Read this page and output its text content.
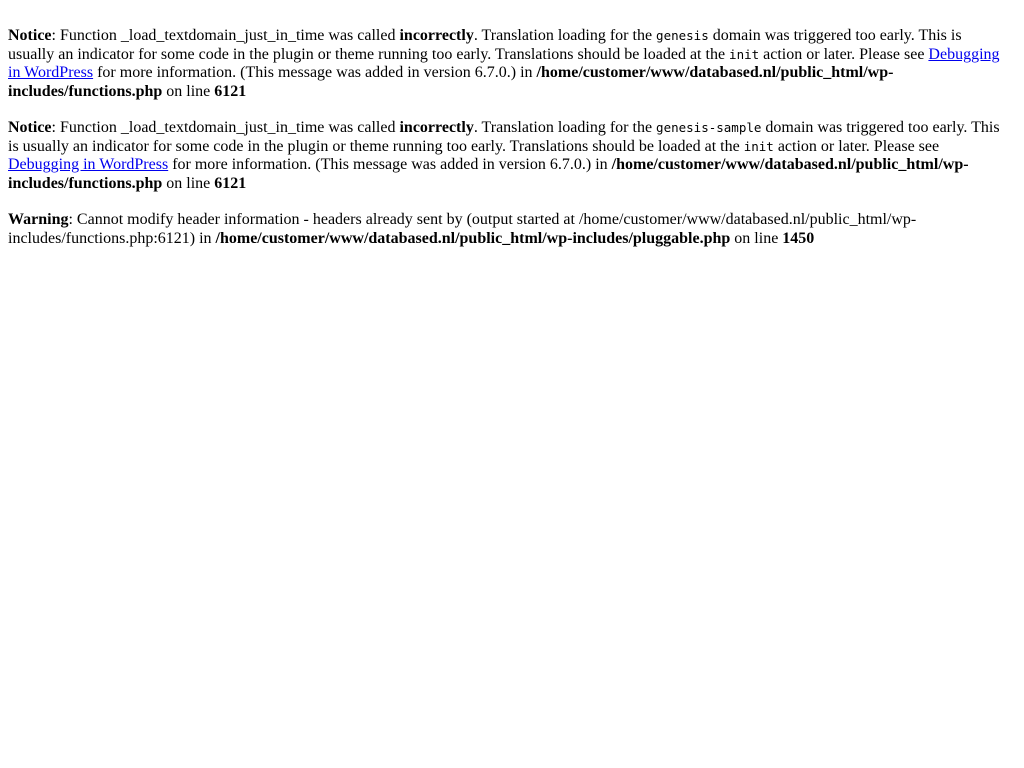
Notice: Function _load_textdomain_just_in_time was called incorrectly. Translation loading for the genesis domain was triggered too early. This is usually an indicator for some code in the plugin or theme running too early. Translations should be loaded at the init action or later. Please see Debugging in WordPress for more information. (This message was added in version 6.7.0.) in /home/customer/www/databased.nl/public_html/wp-includes/functions.php on line 6121
Notice: Function _load_textdomain_just_in_time was called incorrectly. Translation loading for the genesis-sample domain was triggered too early. This is usually an indicator for some code in the plugin or theme running too early. Translations should be loaded at the init action or later. Please see Debugging in WordPress for more information. (This message was added in version 6.7.0.) in /home/customer/www/databased.nl/public_html/wp-includes/functions.php on line 6121
Warning: Cannot modify header information - headers already sent by (output started at /home/customer/www/databased.nl/public_html/wp-includes/functions.php:6121) in /home/customer/www/databased.nl/public_html/wp-includes/pluggable.php on line 1450
